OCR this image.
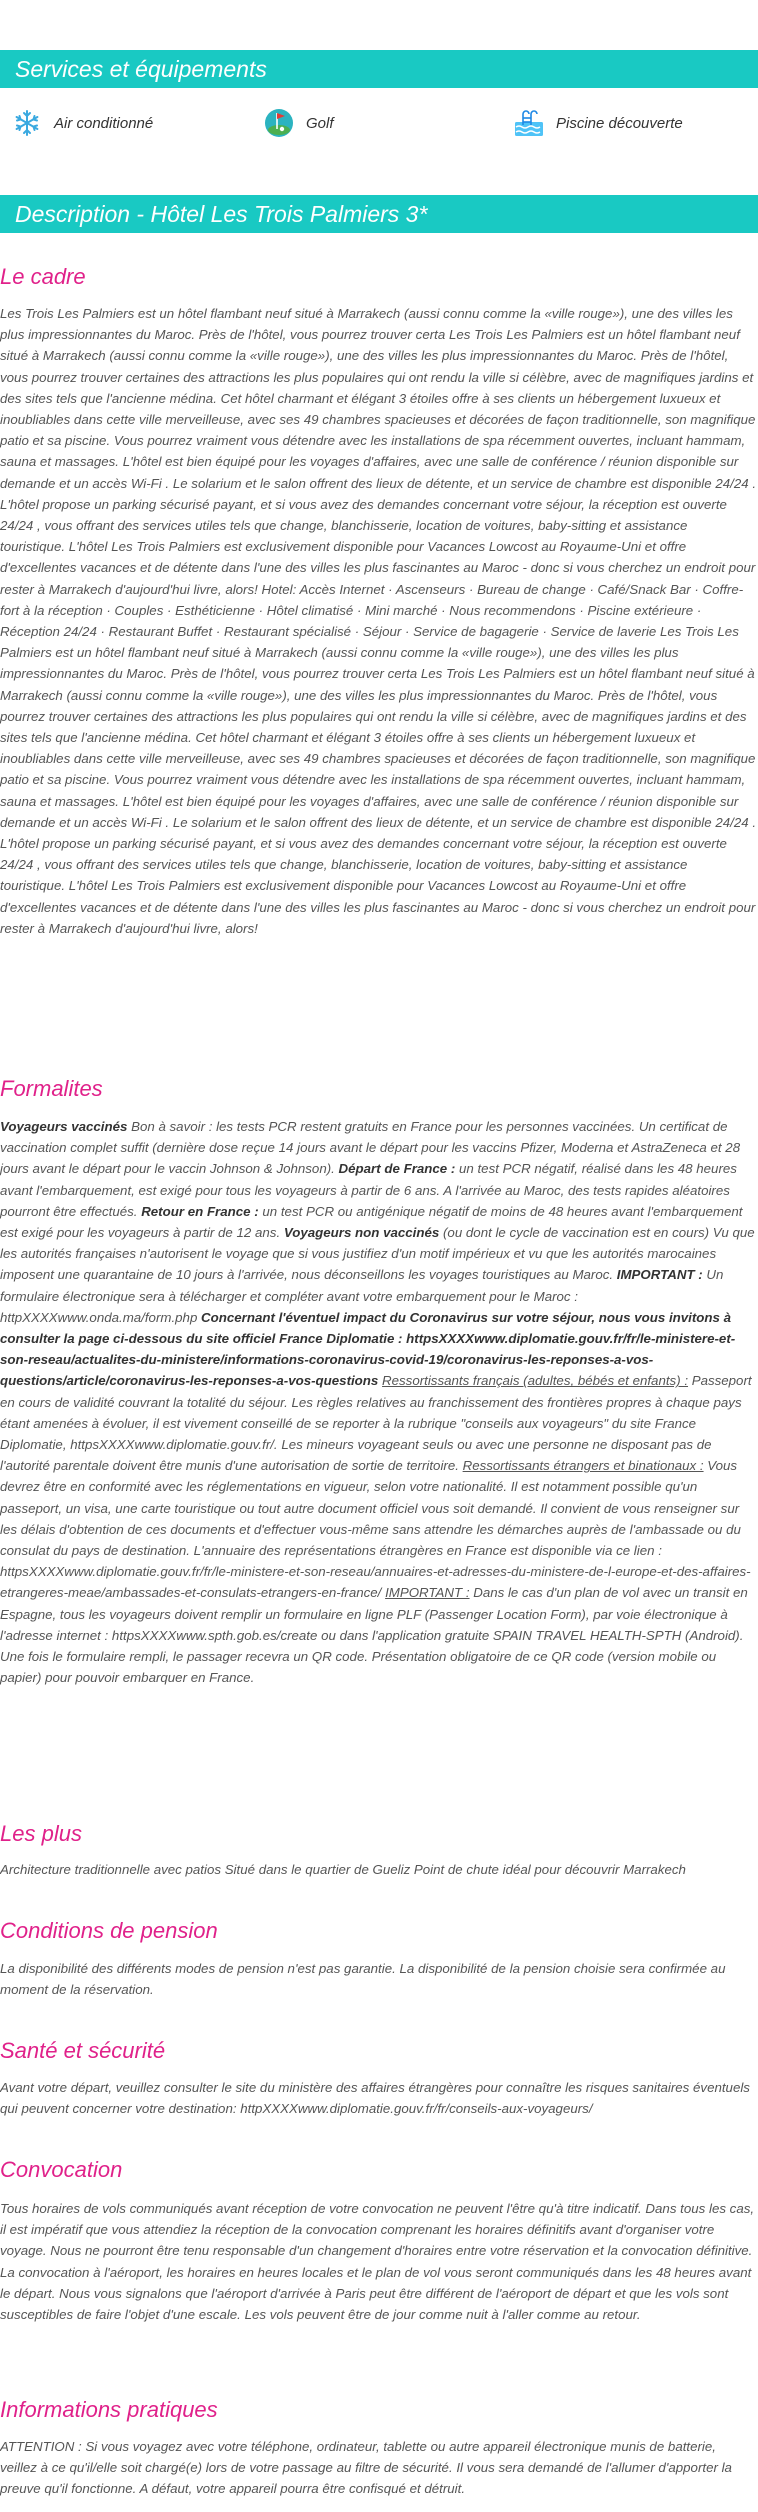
Services et équipements
Air conditionné	Golf	Piscine découverte
Description - Hôtel Les Trois Palmiers 3*
Le cadre
Les Trois Les Palmiers est un hôtel flambant neuf situé à Marrakech (aussi connu comme la «ville rouge»), une des villes les plus impressionnantes du Maroc. Près de l'hôtel, vous pourrez trouver certa Les Trois Les Palmiers est un hôtel flambant neuf situé à Marrakech (aussi connu comme la «ville rouge»), une des villes les plus impressionnantes du Maroc. Près de l'hôtel, vous pourrez trouver certaines des attractions les plus populaires qui ont rendu la ville si célèbre, avec de magnifiques jardins et des sites tels que l'ancienne médina. Cet hôtel charmant et élégant 3 étoiles offre à ses clients un hébergement luxueux et inoubliables dans cette ville merveilleuse, avec ses 49 chambres spacieuses et décorées de façon traditionnelle, son magnifique patio et sa piscine. Vous pourrez vraiment vous détendre avec les installations de spa récemment ouvertes, incluant hammam, sauna et massages. L'hôtel est bien équipé pour les voyages d'affaires, avec une salle de conférence / réunion disponible sur demande et un accès Wi-Fi . Le solarium et le salon offrent des lieux de détente, et un service de chambre est disponible 24/24 . L'hôtel propose un parking sécurisé payant, et si vous avez des demandes concernant votre séjour, la réception est ouverte 24/24 , vous offrant des services utiles tels que change, blanchisserie, location de voitures, baby-sitting et assistance touristique. L'hôtel Les Trois Palmiers est exclusivement disponible pour Vacances Lowcost au Royaume-Uni et offre d'excellentes vacances et de détente dans l'une des villes les plus fascinantes au Maroc - donc si vous cherchez un endroit pour rester à Marrakech d'aujourd'hui livre, alors! Hotel: Accès Internet · Ascenseurs · Bureau de change · Café/Snack Bar · Coffre-fort à la réception · Couples · Esthéticienne · Hôtel climatisé · Mini marché · Nous recommendons · Piscine extérieure · Réception 24/24 · Restaurant Buffet · Restaurant spécialisé · Séjour · Service de bagagerie · Service de laverie Les Trois Les Palmiers est un hôtel flambant neuf situé à Marrakech (aussi connu comme la «ville rouge»), une des villes les plus impressionnantes du Maroc. Près de l'hôtel, vous pourrez trouver certa Les Trois Les Palmiers est un hôtel flambant neuf situé à Marrakech (aussi connu comme la «ville rouge»), une des villes les plus impressionnantes du Maroc. Près de l'hôtel, vous pourrez trouver certaines des attractions les plus populaires qui ont rendu la ville si célèbre, avec de magnifiques jardins et des sites tels que l'ancienne médina. Cet hôtel charmant et élégant 3 étoiles offre à ses clients un hébergement luxueux et inoubliables dans cette ville merveilleuse, avec ses 49 chambres spacieuses et décorées de façon traditionnelle, son magnifique patio et sa piscine. Vous pourrez vraiment vous détendre avec les installations de spa récemment ouvertes, incluant hammam, sauna et massages. L'hôtel est bien équipé pour les voyages d'affaires, avec une salle de conférence / réunion disponible sur demande et un accès Wi-Fi . Le solarium et le salon offrent des lieux de détente, et un service de chambre est disponible 24/24 . L'hôtel propose un parking sécurisé payant, et si vous avez des demandes concernant votre séjour, la réception est ouverte 24/24 , vous offrant des services utiles tels que change, blanchisserie, location de voitures, baby-sitting et assistance touristique. L'hôtel Les Trois Palmiers est exclusivement disponible pour Vacances Lowcost au Royaume-Uni et offre d'excellentes vacances et de détente dans l'une des villes les plus fascinantes au Maroc - donc si vous cherchez un endroit pour rester à Marrakech d'aujourd'hui livre, alors!
Formalites
Voyageurs vaccinés Bon à savoir : les tests PCR restent gratuits en France pour les personnes vaccinées. Un certificat de vaccination complet suffit (dernière dose reçue 14 jours avant le départ pour les vaccins Pfizer, Moderna et AstraZeneca et 28 jours avant le départ pour le vaccin Johnson & Johnson). Départ de France : un test PCR négatif, réalisé dans les 48 heures avant l'embarquement, est exigé pour tous les voyageurs à partir de 6 ans. A l'arrivée au Maroc, des tests rapides aléatoires pourront être effectués. Retour en France : un test PCR ou antigénique négatif de moins de 48 heures avant l'embarquement est exigé pour les voyageurs à partir de 12 ans. Voyageurs non vaccinés (ou dont le cycle de vaccination est en cours) Vu que les autorités françaises n'autorisent le voyage que si vous justifiez d'un motif impérieux et vu que les autorités marocaines imposent une quarantaine de 10 jours à l'arrivée, nous déconseillons les voyages touristiques au Maroc. IMPORTANT : Un formulaire électronique sera à télécharger et compléter avant votre embarquement pour le Maroc : httpXXXXwww.onda.ma/form.php Concernant l'éventuel impact du Coronavirus sur votre séjour, nous vous invitons à consulter la page ci-dessous du site officiel France Diplomatie : httpsXXXXwww.diplomatie.gouv.fr/fr/le-ministere-et-son-reseau/actualites-du-ministere/informations-coronavirus-covid-19/coronavirus-les-reponses-a-vos-questions/article/coronavirus-les-reponses-a-vos-questions Ressortissants français (adultes, bébés et enfants) : Passeport en cours de validité couvrant la totalité du séjour. Les règles relatives au franchissement des frontières propres à chaque pays étant amenées à évoluer, il est vivement conseillé de se reporter à la rubrique "conseils aux voyageurs" du site France Diplomatie, httpsXXXXwww.diplomatie.gouv.fr/. Les mineurs voyageant seuls ou avec une personne ne disposant pas de l'autorité parentale doivent être munis d'une autorisation de sortie de territoire. Ressortissants étrangers et binationaux : Vous devrez être en conformité avec les réglementations en vigueur, selon votre nationalité. Il est notamment possible qu'un passeport, un visa, une carte touristique ou tout autre document officiel vous soit demandé. Il convient de vous renseigner sur les délais d'obtention de ces documents et d'effectuer vous-même sans attendre les démarches auprès de l'ambassade ou du consulat du pays de destination. L'annuaire des représentations étrangères en France est disponible via ce lien : httpsXXXXwww.diplomatie.gouv.fr/fr/le-ministere-et-son-reseau/annuaires-et-adresses-du-ministere-de-l-europe-et-des-affaires-etrangeres-meae/ambassades-et-consulats-etrangers-en-france/ IMPORTANT : Dans le cas d'un plan de vol avec un transit en Espagne, tous les voyageurs doivent remplir un formulaire en ligne PLF (Passenger Location Form), par voie électronique à l'adresse internet : httpsXXXXwww.spth.gob.es/create ou dans l'application gratuite SPAIN TRAVEL HEALTH-SPTH (Android). Une fois le formulaire rempli, le passager recevra un QR code. Présentation obligatoire de ce QR code (version mobile ou papier) pour pouvoir embarquer en France.
Les plus
Architecture traditionnelle avec patios Situé dans le quartier de Gueliz Point de chute idéal pour découvrir Marrakech
Conditions de pension
La disponibilité des différents modes de pension n'est pas garantie. La disponibilité de la pension choisie sera confirmée au moment de la réservation.
Santé et sécurité
Avant votre départ, veuillez consulter le site du ministère des affaires étrangères pour connaître les risques sanitaires éventuels qui peuvent concerner votre destination: httpXXXXwww.diplomatie.gouv.fr/fr/conseils-aux-voyageurs/
Convocation
Tous horaires de vols communiqués avant réception de votre convocation ne peuvent l'être qu'à titre indicatif. Dans tous les cas, il est impératif que vous attendiez la réception de la convocation comprenant les horaires définitifs avant d'organiser votre voyage. Nous ne pourront être tenu responsable d'un changement d'horaires entre votre réservation et la convocation définitive. La convocation à l'aéroport, les horaires en heures locales et le plan de vol vous seront communiqués dans les 48 heures avant le départ. Nous vous signalons que l'aéroport d'arrivée à Paris peut être différent de l'aéroport de départ et que les vols sont susceptibles de faire l'objet d'une escale. Les vols peuvent être de jour comme nuit à l'aller comme au retour.
Informations pratiques
ATTENTION : Si vous voyagez avec votre téléphone, ordinateur, tablette ou autre appareil électronique munis de batterie, veillez à ce qu'il/elle soit chargé(e) lors de votre passage au filtre de sécurité. Il vous sera demandé de l'allumer d'apporter la preuve qu'il fonctionne. A défaut, votre appareil pourra être confisqué et détruit.
